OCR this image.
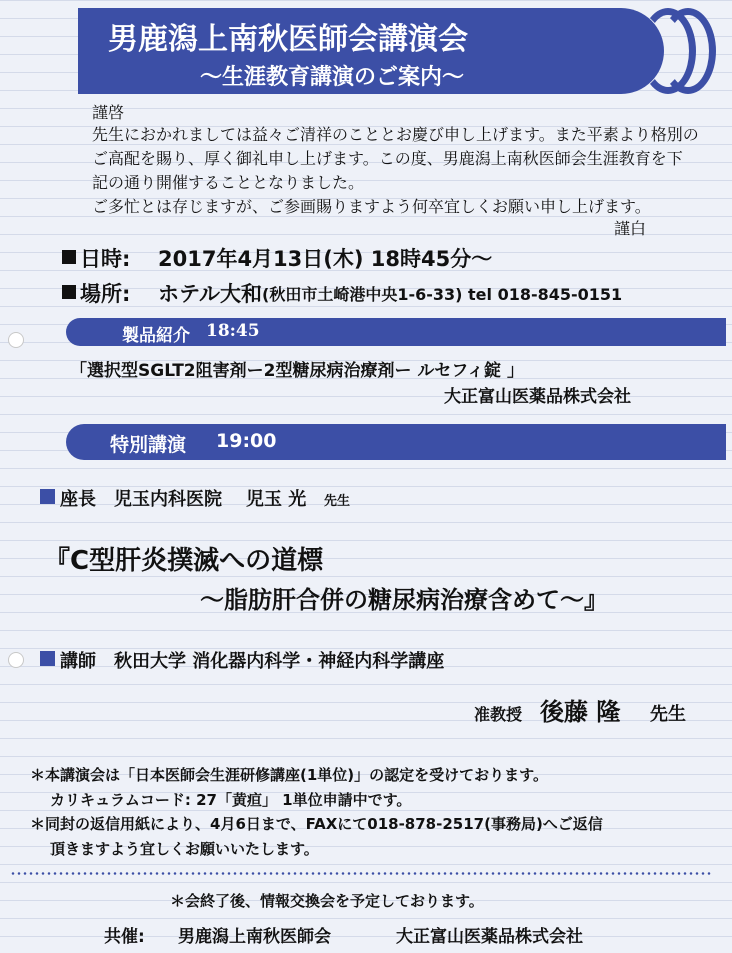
男鹿潟上南秋医師会講演会
～生涯教育講演のご案内～
謹啓
先生におかれましては益々ご清祥のこととお慶び申し上げます。また平素より格別の
ご高配を賜り、厚く御礼申し上げます。この度、男鹿潟上南秋医師会生涯教育を下
記の通り開催することとなりました。
ご多忙とは存じますが、ご参画賜りますよう何卒宜しくお願い申し上げます。
謹白
日時: 2017年4月13日(木) 18時45分～
場所: ホテル大和 (秋田市土崎港中央1-6-33) tel 018-845-0151
製品紹介 18:45
「選択型SGLT2阻害剤ー2型糖尿病治療剤ー ルセフィ錠 」
大正富山医薬品株式会社
特別講演 19:00
座長 児玉内科医院 児玉 光 先生
『C型肝炎撲滅への道標
～脂肪肝合併の糖尿病治療含めて～』
講師 秋田大学 消化器内科学・神経内科学講座
准教授 後藤 隆 先生
＊本講演会は「日本医師会生涯研修講座(1単位)」の認定を受けております。
カリキュラムコード: 27「黄疸」 1単位申請中です。
＊同封の返信用紙により、4月6日まで、FAXにて018-878-2517(事務局)へご返信
頂きますよう宜しくお願いいたします。
＊会終了後、情報交換会を予定しております。
共催: 男鹿潟上南秋医師会	大正富山医薬品株式会社
